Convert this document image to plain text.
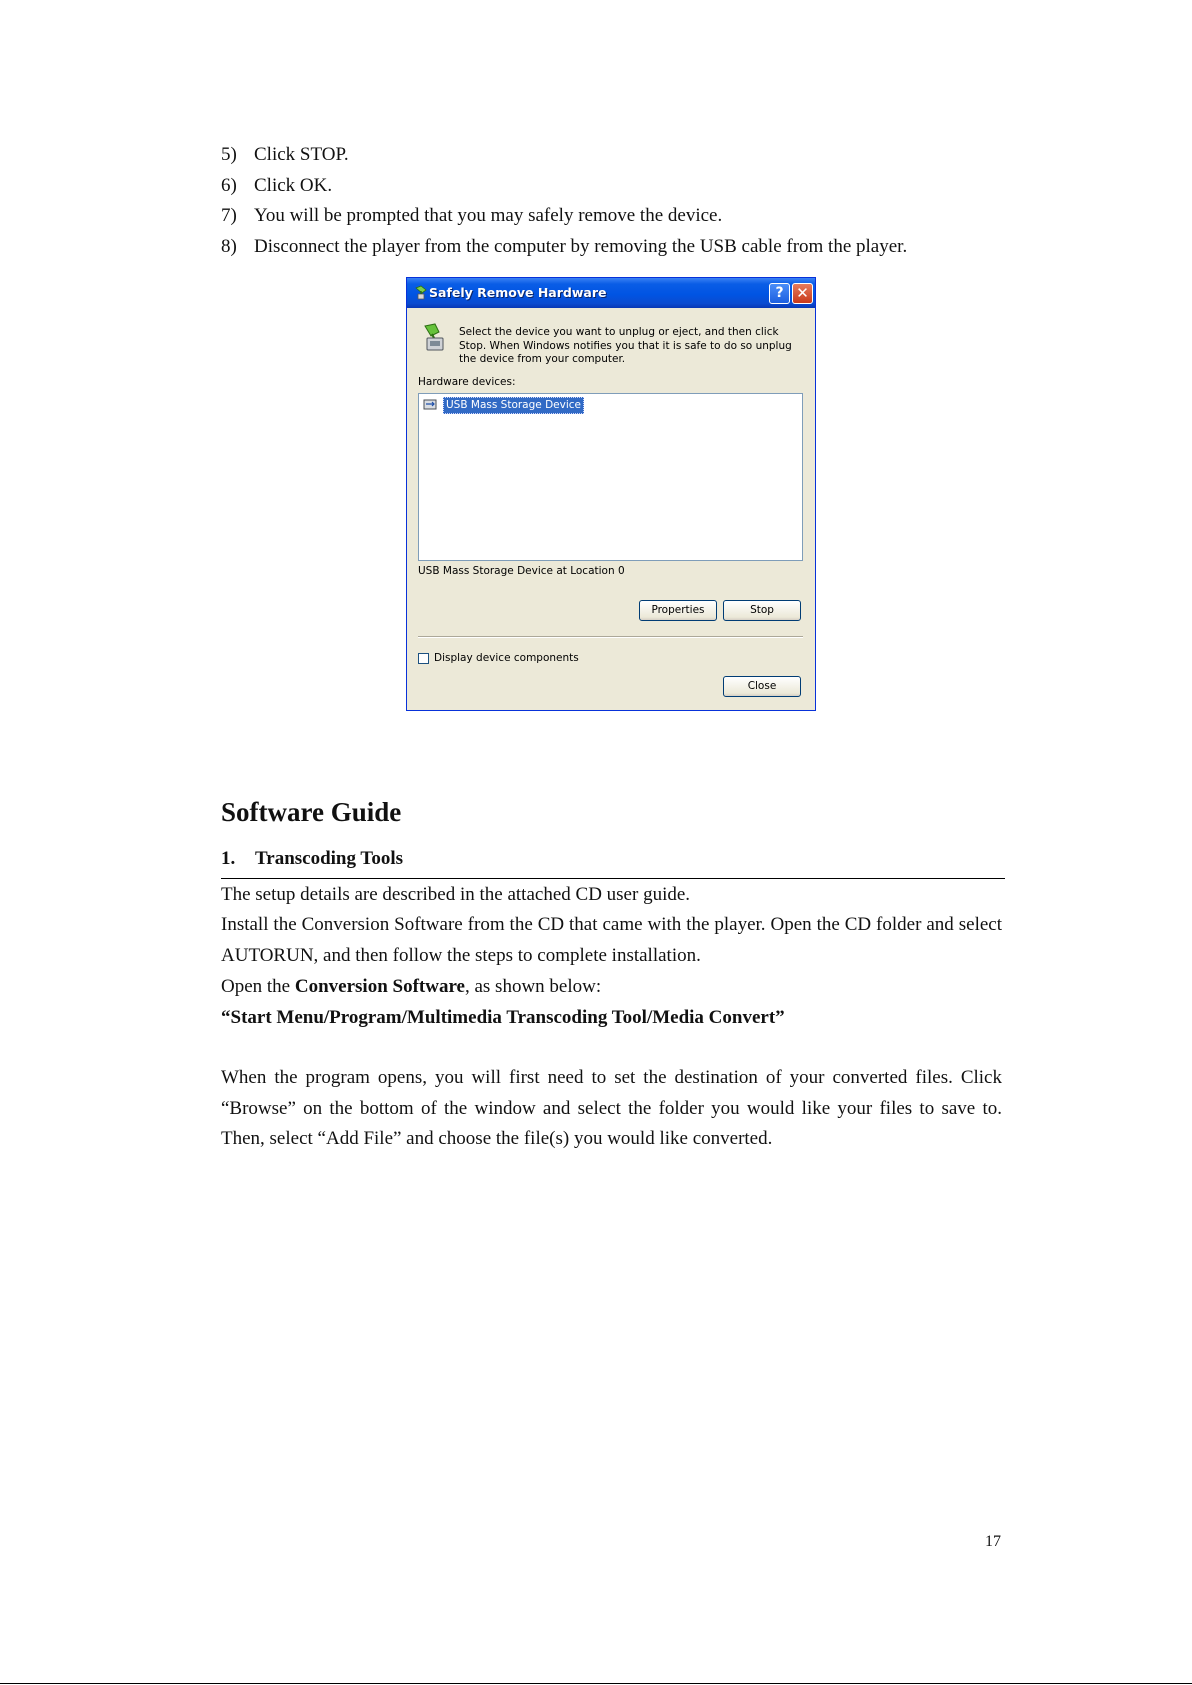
5) Click STOP.
6) Click OK.
7) You will be prompted that you may safely remove the device.
8) Disconnect the player from the computer by removing the USB cable from the player.
Safely Remove Hardware	? ✕
Select the device you want to unplug or eject, and then click Stop. When Windows notifies you that it is safe to do so unplug the device from your computer.
Hardware devices:
USB Mass Storage Device
USB Mass Storage Device at Location 0
Properties	Stop
Display device components
Close
Software Guide
1. Transcoding Tools
The setup details are described in the attached CD user guide.
Install the Conversion Software from the CD that came with the player. Open the CD folder and select AUTORUN, and then follow the steps to complete installation.
Open the Conversion Software, as shown below:
“Start Menu/Program/Multimedia Transcoding Tool/Media Convert”
When the program opens, you will first need to set the destination of your converted files. Click “Browse” on the bottom of the window and select the folder you would like your files to save to. Then, select “Add File” and choose the file(s) you would like converted.
17
